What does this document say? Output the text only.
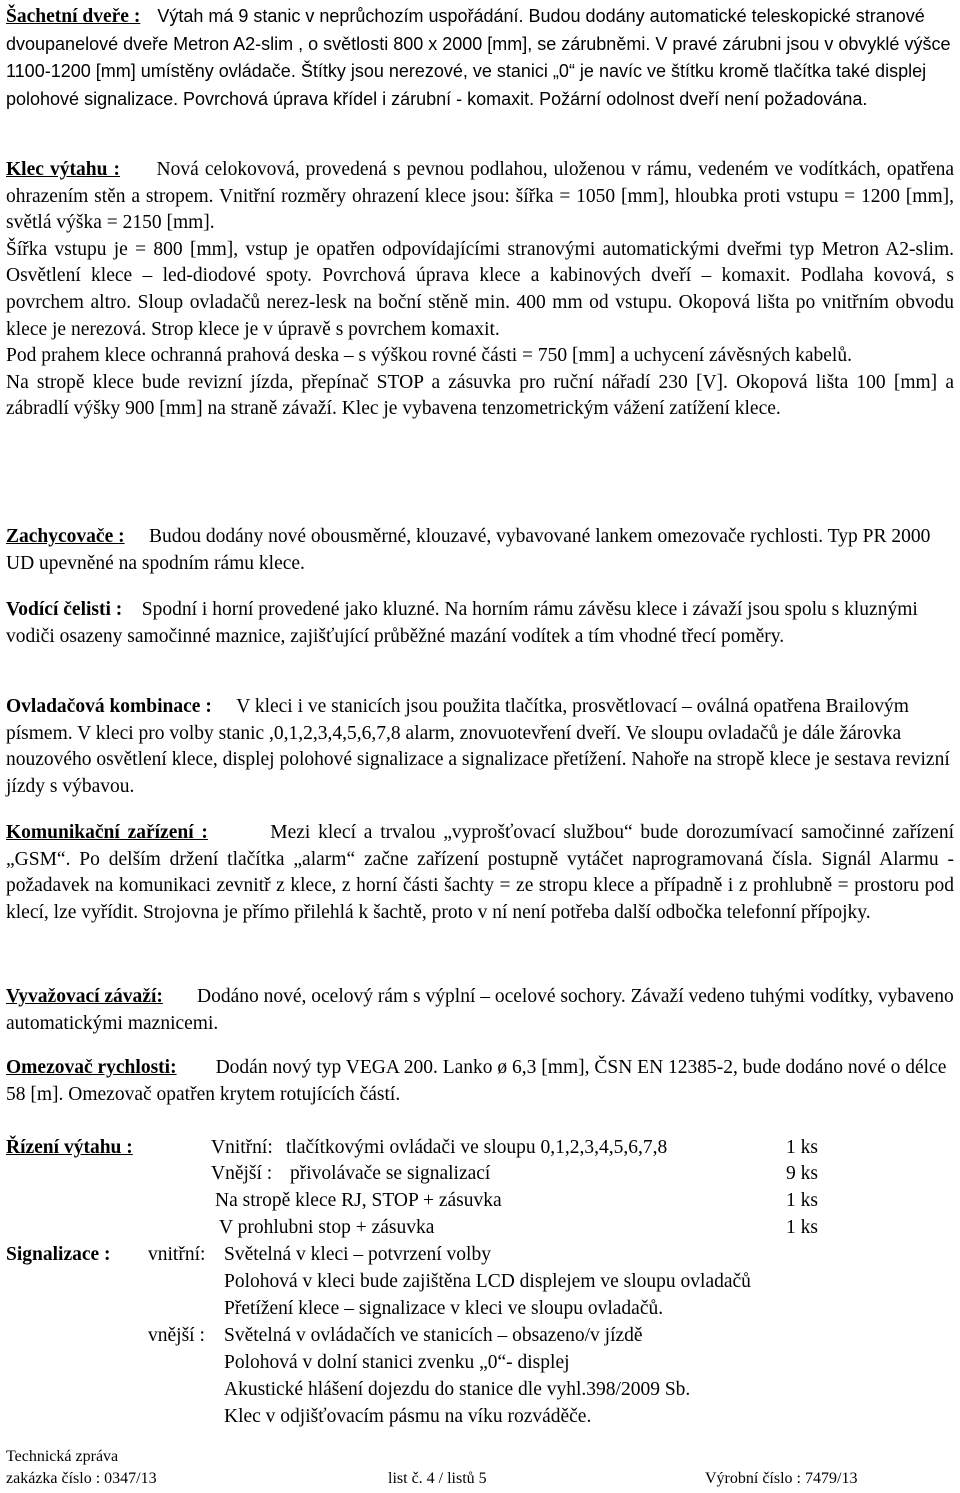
Šachetní dveře : Výtah má 9 stanic v neprůchozím uspořádání. Budou dodány automatické teleskopické stranové dvoupanelové dveře Metron A2-slim , o světlosti 800 x 2000 [mm], se zárubněmi. V pravé zárubni jsou v obvyklé výšce 1100-1200 [mm] umístěny ovládače. Štítky jsou nerezové, ve stanici „0“ je navíc ve štítku kromě tlačítka také displej polohové signalizace. Povrchová úprava křídel i zárubní - komaxit. Požární odolnost dveří není požadována.

Klec výtahu : Nová celokovová, provedená s pevnou podlahou, uloženou v rámu, vedeném ve vodítkách, opatřena ohrazením stěn a stropem. Vnitřní rozměry ohrazení klece jsou: šířka = 1050 [mm], hloubka proti vstupu = 1200 [mm], světlá výška = 2150 [mm].
Šířka vstupu je = 800 [mm], vstup je opatřen odpovídajícími stranovými automatickými dveřmi typ Metron A2-slim. Osvětlení klece – led-diodové spoty. Povrchová úprava klece a kabinových dveří – komaxit. Podlaha kovová, s povrchem altro. Sloup ovladačů nerez-lesk na boční stěně min. 400 mm od vstupu. Okopová lišta po vnitřním obvodu klece je nerezová. Strop klece je v úpravě s povrchem komaxit.
Pod prahem klece ochranná prahová deska – s výškou rovné části = 750 [mm] a uchycení závěsných kabelů.
Na stropě klece bude revizní jízda, přepínač STOP a zásuvka pro ruční nářadí 230 [V]. Okopová lišta 100 [mm] a zábradlí výšky 900 [mm] na straně závaží. Klec je vybavena tenzometrickým vážení zatížení klece.

Zachycovače : Budou dodány nové obousměrné, klouzavé, vybavované lankem omezovače rychlosti. Typ PR 2000 UD upevněné na spodním rámu klece.

Vodící čelisti : Spodní i horní provedené jako kluzné. Na horním rámu závěsu klece i závaží jsou spolu s kluznými vodiči osazeny samočinné maznice, zajišťující průběžné mazání vodítek a tím vhodné třecí poměry.

Ovladačová kombinace : V kleci i ve stanicích jsou použita tlačítka, prosvětlovací – oválná opatřena Brailovým písmem. V kleci pro volby stanic ,0,1,2,3,4,5,6,7,8 alarm, znovuotevření dveří. Ve sloupu ovladačů je dále žárovka nouzového osvětlení klece, displej polohové signalizace a signalizace přetížení. Nahoře na stropě klece je sestava revizní jízdy s výbavou.

Komunikační zařízení :	Mezi klecí a trvalou „vyprošťovací službou“ bude dorozumívací samočinné zařízení „GSM“. Po delším držení tlačítka „alarm“ začne zařízení postupně vytáčet naprogramovaná čísla. Signál Alarmu - požadavek na komunikaci zevnitř z klece, z horní části šachty = ze stropu klece a případně i z prohlubně = prostoru pod klecí, lze vyřídit. Strojovna je přímo přilehlá k šachtě, proto v ní není potřeba další odbočka telefonní přípojky.

Vyvažovací závaží: Dodáno nové, ocelový rám s výplní – ocelové sochory. Závaží vedeno tuhými vodítky, vybaveno automatickými maznicemi.

Omezovač rychlosti: Dodán nový typ VEGA 200. Lanko ø 6,3 [mm], ČSN EN 12385-2, bude dodáno nové o délce 58 [m]. Omezovač opatřen krytem rotujících částí.

Řízení výtahu :	Vnitřní: tlačítkovými ovládači ve sloupu 0,1,2,3,4,5,6,7,8	1 ks
Vnější : přivolávače se signalizací	9 ks
Na stropě klece RJ, STOP + zásuvka	1 ks
V prohlubni stop + zásuvka	1 ks
Signalizace : vnitřní: Světelná v kleci – potvrzení volby
Polohová v kleci bude zajištěna LCD displejem ve sloupu ovladačů
Přetížení klece – signalizace v kleci ve sloupu ovladačů.
vnější : Světelná v ovládačích ve stanicích – obsazeno/v jízdě
Polohová v dolní stanici zvenku „0“- displej
Akustické hlášení dojezdu do stanice dle vyhl.398/2009 Sb.
Klec v odjišťovacím pásmu na víku rozváděče.
Technická zpráva
zakázka číslo : 0347/13	list č. 4 / listů 5	Výrobní číslo : 7479/13
